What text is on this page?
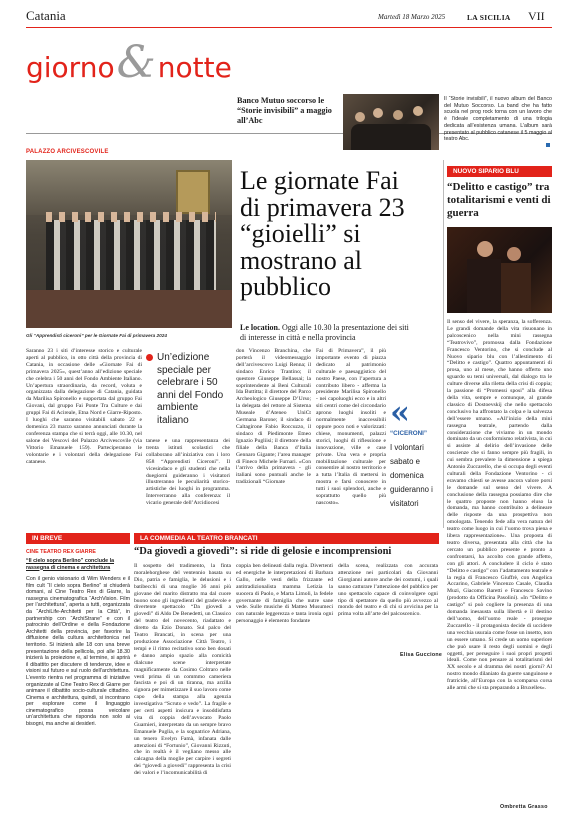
Catania	Martedì 18 Marzo 2025	LA SICILIA VII
giorno&notte
Banco Mutuo soccorso le “Storie invisibili” a maggio all’Abc
Il “Storie invisibili”, il nuovo album del Banco del Mutuo Soccorso. La band che ha fatto scuola nel prog rock torna con un lavoro che è l’ideale completamento di una trilogia dedicata all’esistenza umana. L’album sarà presentato al pubblico catanese il 5 maggio al teatro Abc.
PALAZZO ARCIVESCOVILE
Gli “Apprendisti ciceroni” per le Giornate Fai di primavera 2024
Le giornate Fai di primavera 23 “gioielli” si mostrano al pubblico
Le location. Oggi alle 10.30 la presentazione dei siti di interesse in città e nella provincia
Saranno 23 i siti d’interesse storico e culturale aperti al pubblico, in otto città della provincia di Catania, in occasione delle «Giornate Fai di primavera 2025», quest’anno all’edizione speciale che celebra i 50 anni del Fondo Ambiente Italiano. Un’apertura straordinaria, da record, voluta e organizzata dalla delegazione di Catania, guidata da Marilisa Spironello e supportata dal gruppo Fai Giovani, dal gruppo Fai Ponte Tra Culture e dai gruppi Fai di Acireale, Etna Nord e Giarre-Riposto. I luoghi che saranno visitabili sabato 22 e domenica 23 marzo saranno annunciati durante la conferenza stampa che si terrà oggi, alle 10.30, nel salone dei Vescovi del Palazzo Arcivescovile (via Vittorio Emanuele 159). Parteciperanno le volontarie e i volontari della delegazione Fai catanese.
Un’edizione speciale per celebrare i 50 anni del Fondo ambiente italiano
tanese e una rappresentanza dei trenta istituti scolastici che collaborano all’iniziativa con i loro 858 “Apprendisti Ciceroni”. Il vicesindaco e gli studenti che nella duegiorni guideranno i visitatori illustreranno le peculiarità storico-artistiche dei luoghi in programma. Interverranno alla conferenza: il vicario generale dell’Arcidiocesi
don Vincenzo Branchina, che porterà il videomessaggio dell’arcivescovo Luigi Renna; il sindaco Enrico Trantino; il questore Giuseppe Bellassai; la soprintendente ai Beni Culturali Ida Buttitta; il direttore del Parco Archeologico Giuseppe D’Urso; la delegata del rettore al Sistema Museale d’Ateneo UniCt Germana Barone; il sindaco di Caltagirone Fabio Roccuzzo, il sindaco di Piedimonte Etneo Ignazio Pugliisi; il direttore della filiale della Banca d’Italia Gennaro Gigante; l’area manager di Fineco Michele Furnari. «Con l’arrivo della primavera - gli italiani sono puntuali anche le tradizionali “Giornate
Fai di Primavera”, il più importante evento di piazza dedicato al patrimonio culturale e paesaggistico del nostro Paese, con l’apertura a contributo libero - afferma la presidente Marilisa Spironello - nei capoluoghi ecco e in altri siti centri come del circondario aprono luoghi insoliti e normalmente inaccessibili oppure poco noti e valorizzati: chiese, monumenti, palazzi storici, luoghi di riflessione e innovazione, ville e case private. Una vera e propria mobilitazione culturale per consentire al nostro territorio e a tutta l’Italia di mettersi in mostra e farsi conoscere in tutti i suoi splendori, anche e soprattutto quello più nascosto».
«
“CICERONI”
I volontari sabato e domenica guideranno i visitatori
NUOVO SIPARIO BLU
“Delitto e castigo” tra totalitarismi e venti di guerra
Il senso del vivere, la speranza, la sofferenza. Le grandi domande della vita risuonano in palcoscenico nella mini rassegna “Teatrovivo”, promossa dalla Fondazione Francesco Ventorino, che si conclude al Nuovo sipario blu con l’allestimento di “Delitto e castigo”. Quattro appuntamenti di prosa, uno al mese, che hanno offerto uno sguardo su temi universali, dal dialogo tra le culture diverse alla riletta della crisi di coppia; la passione di “Promessi sposi” alla difesa della vita, sempre e comunque, al grande classico di Dostoevskij che nello spettacolo conclusivo ha affrontato la colpa e la salvezza dell’essere umano. «All’inizio della mini rassegna teatrale, partendo dalla considerazione che viviamo in un mondo dominato da un conformismo relativista, in cui si assiste al delirio dell’invasione delle coscienze che si fanno sempre più fragili, in cui sembra prevalere la dimensione a spiega Antonio Zuccarello, che si occupa degli eventi culturali della Fondazione Ventorino - ci eravamo chiesti se avesse ancora valore porsi le domande sul senso del vivere. A conclusione della rassegna possiamo dire che le quattro proposte non hanno eluso la domanda, ma hanno contribuito a delineare delle risposte da una prospettiva non omologata. Tenendo fede alla vera natura del teatro come luogo in cui l’uomo trova piena e libera rappresentazione». Una proposta di teatro diversa, presentata alla città che ha cercato un pubblico presente e pronto a confrontarsi, ha accolto con grande affetto, con gli attori. A concludere il ciclo è stato “Delitto e castigo” con l’adattamento teatrale e la regia di Francesco Giuffrè, con Angelica Accarino, Gabriele Vincenzo Casale, Claudia Muzi, Giacomo Baretti e Francesco Savino (prodotto da Officina Pasolini). «In “Delitto e castigo” si può cogliere la presenza di una domanda inesausta sulla libertà e il destino dell’uomo, dell’uomo reale - prosegue Zuccarello - il protagonista decide di uccidere una vecchia usuraia come fosse un insetto, non un essere umano. Si crede un uomo superiore che può usare il resto degli uomini e degli oggetti, per perseguire i suoi propri progetti ideali. Come non pensare ai totalitarismi del XX secolo e al dramma dei nostri giorni? Al nostro mondo dilaniato da guerre sanguinose e fratricide, all’Europa con la scomparsa corsa alle armi che si sta preparando a Bruxelles».
Ombretta Grasso
IN BREVE
CINE TEATRO REX GIARRE
“Il cielo sopra Berlino” conclude la rassegna di cinema e architettura
Con il genio visionario di Wim Wenders e il film cult “Il cielo sopra Berlino” si chiuderà domani, al Cine Teatro Rex di Giarre, la rassegna cinematografica “ArchVision. Film per l’architettura”, aperta a tutti, organizzata da “ArchiLife-Architetti per la Città”, in partnership con “ArchiStrane” e con il patrocinio dell’Ordine e della Fondazione Architetti della provincia, per favorire la diffusione della cultura architettonica nel territorio. Si inizierà alle 18 con una breve presentazione della pellicola, poi alle 18.30 inizierà la proiezione e, al termine, si aprirà il dibattito per discutere di tendenze, idee e visioni sul futuro e sul ruolo dell’architettura. L’evento rientra nel programma di iniziative organizzate al Cine Teatro Rex di Giarre per animare il dibattito socio-culturale cittadino. Cinema e architettura, quindi, si incontrano per esplorare come il linguaggio cinematografico possa veicolare un’architettura che risponda non solo ai bisogni, ma anche ai desideri.
LA COMMEDIA AL TEATRO BRANCATI
“Da giovedì a giovedì”: si ride di gelosie e incomprensioni
Il sospetto del tradimento, la finta moralehorghese del ventennio basata su Dio, patria e famiglia, le delusioni e i batibecchi di una moglie 36 anni più giovane del marito distratto ma dal cuore buono sono gli ingredienti del gradevole e divertente spettacolo “Da giovedì a giovedì” di Aldo De Benedetti, un Classico del teatro del novecento, riadattato e diretto da Ezio Donato. Sul palco del Teatro Brancati, in scena per una produzione Associazione Città Teatro, i tempi e il ritmo recitativo sono ben dosati e danno ampio spazio alla comicità dialcune scene interpretate magnificamente da Cosimo Coltraro nelle vesti prima di un commmo cameriera fascista e poi di un tiranna, ma arzilla signora per mimetizzare il suo lavoro come capo della stampa alla agenzia investigativa “Scruto e vedo”. La fragile e per certi aspetti insicura e insoddisfatta vita di coppia dell’avvocato Paolo Guarnieri, interpretato da un sempre bravo Emanuele Puglia, e la sognatrice Adriana, un tenero Evelyn Famà, infanata dalle attenzioni di “Fortunio”, Giovanni Rizzuti, che in realtà è il vegliano messo alle calcagna della moglie per carpire i segreti dei “giovedì a giovedì” rappresenta la crisi dei valori e l’incomunicabilità di
coppia ben delineati dalla regia. Divertenti ed energiche le interpretazioni di Barbara Gallo, nelle vesti della frizzante ed antitradizionalista mamma Letizia la suocera di Paolo, e Marta Limoli, la fedele governante di famiglia che nutre sane vede. Sulle musiche di Matteo Musumeci con naturale leggerezza e tanta ironia ogni personaggio è elemento fondante
della scena, realizzata con accurata attenzione nei particolari da Giovanni Giorgianni autore anche dei costumi, i quali sanno catturare l’attenzione del pubblico per uno spettacolo capace di coinvolgere ogni tipo di spettatore da quello più avvezzo al mondo del teatro e di chi si avvicina per la prima volta all’arte del palcoscenico.
Elisa Guccione
